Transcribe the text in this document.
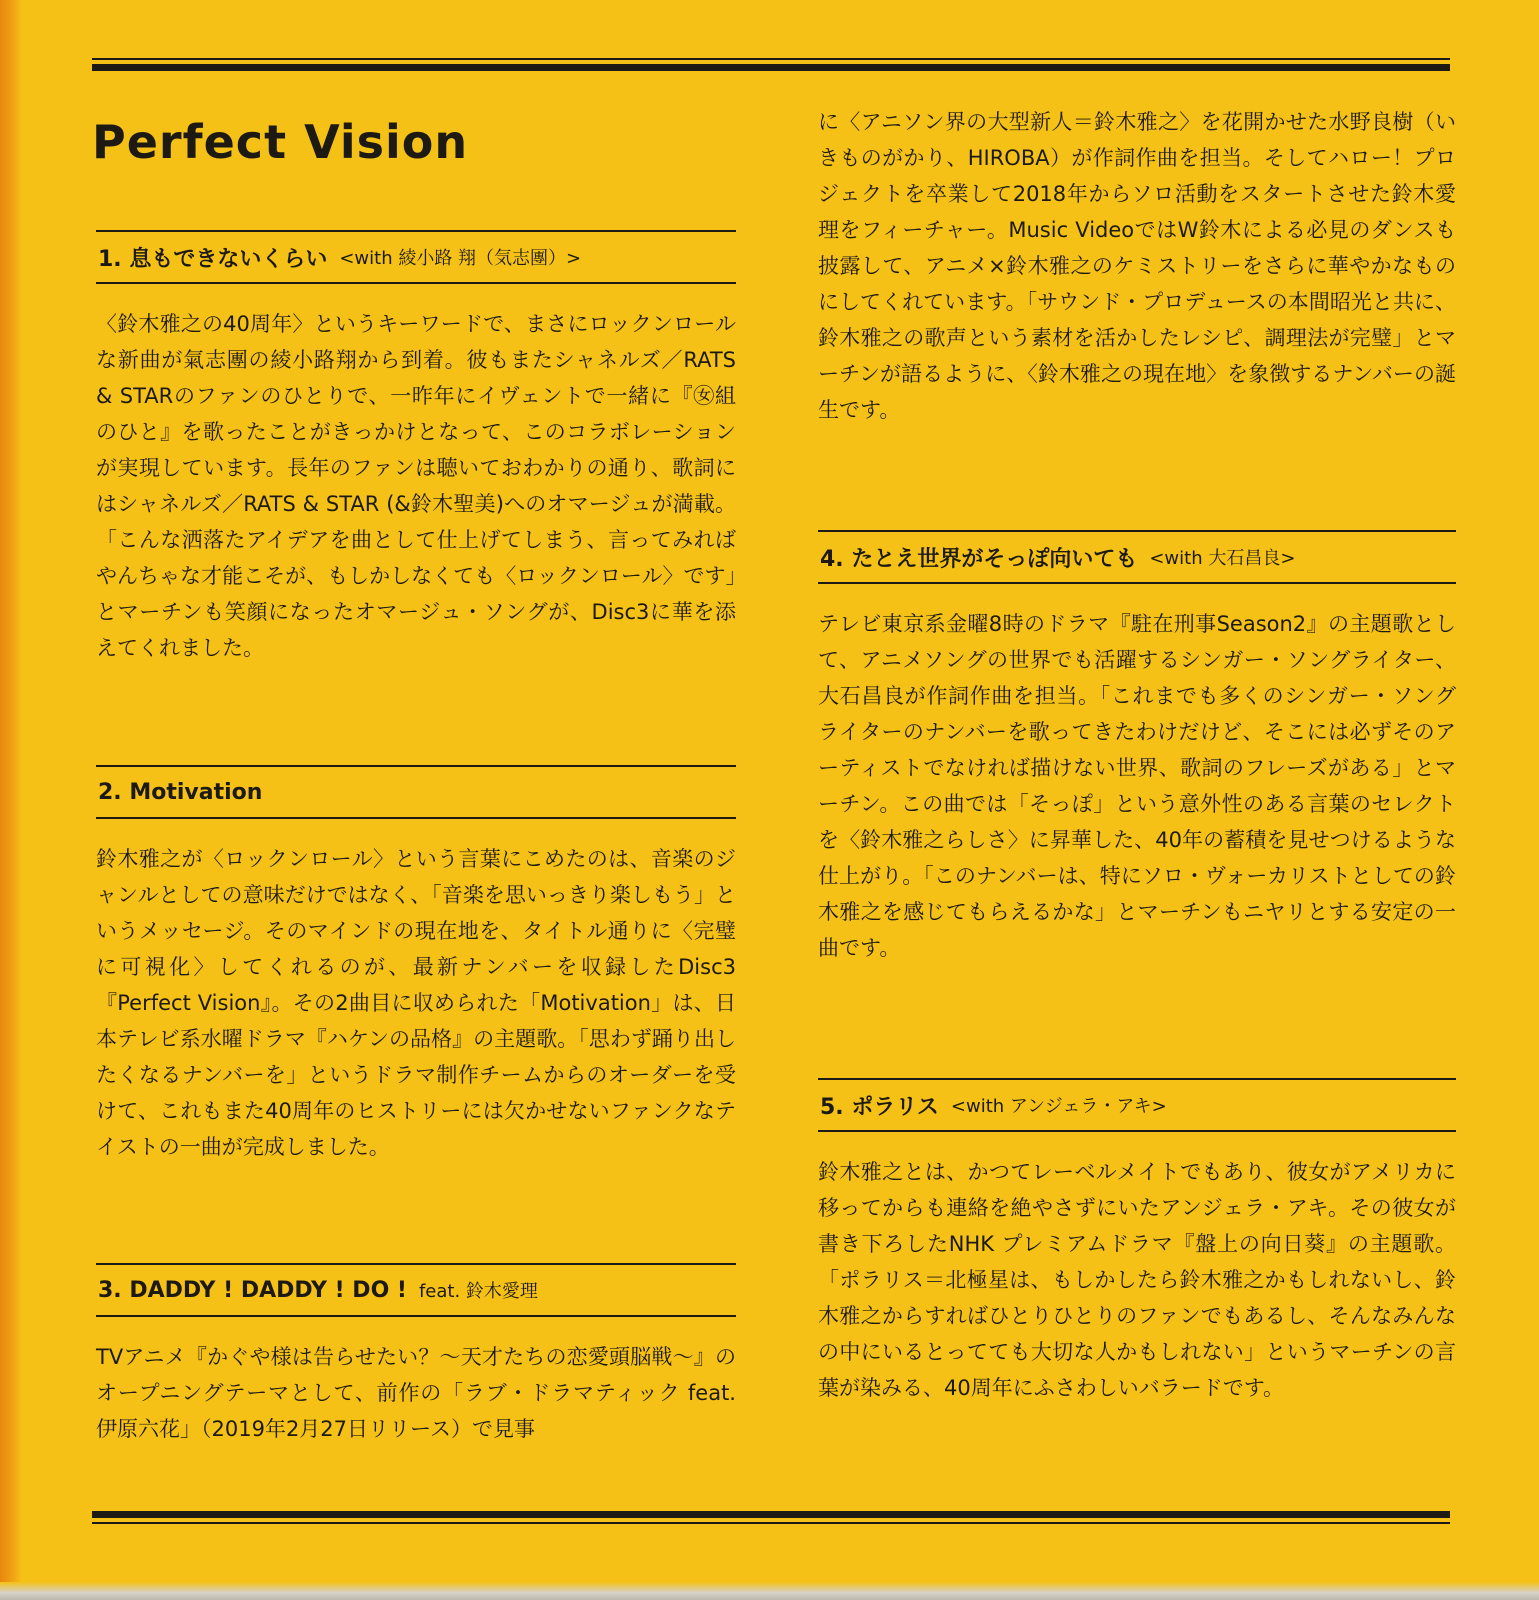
Perfect Vision
1. 息もできないくらい <with 綾小路 翔（気志團）>

〈鈴木雅之の40周年〉というキーワードで、まさにロックンロールな新曲が氣志團の綾小路翔から到着。彼もまたシャネルズ／RATS & STARのファンのひとりで、一昨年にイヴェントで一緒に『㊛組のひと』を歌ったことがきっかけとなって、このコラボレーションが実現しています。長年のファンは聴いておわかりの通り、歌詞にはシャネルズ／RATS & STAR (&鈴木聖美)へのオマージュが満載。「こんな洒落たアイデアを曲として仕上げてしまう、言ってみればやんちゃな才能こそが、もしかしなくても〈ロックンロール〉です」とマーチンも笑顔になったオマージュ・ソングが、Disc3に華を添えてくれました。

2. Motivation

鈴木雅之が〈ロックンロール〉という言葉にこめたのは、音楽のジャンルとしての意味だけではなく、「音楽を思いっきり楽しもう」というメッセージ。そのマインドの現在地を、タイトル通りに〈完璧に可視化〉してくれるのが、最新ナンバーを収録したDisc3『Perfect Vision』。その2曲目に収められた「Motivation」は、日本テレビ系水曜ドラマ『ハケンの品格』の主題歌。「思わず踊り出したくなるナンバーを」というドラマ制作チームからのオーダーを受けて、これもまた40周年のヒストリーには欠かせないファンクなテイストの一曲が完成しました。

3. DADDY ! DADDY ! DO ! feat. 鈴木愛理

TVアニメ『かぐや様は告らせたい？～天才たちの恋愛頭脳戦～』のオープニングテーマとして、前作の「ラブ・ドラマティック feat. 伊原六花」（2019年2月27日リリース）で見事

に〈アニソン界の大型新人＝鈴木雅之〉を花開かせた水野良樹（いきものがかり、HIROBA）が作詞作曲を担当。そしてハロー！プロジェクトを卒業して2018年からソロ活動をスタートさせた鈴木愛理をフィーチャー。Music VideoではW鈴木による必見のダンスも披露して、アニメ×鈴木雅之のケミストリーをさらに華やかなものにしてくれています。「サウンド・プロデュースの本間昭光と共に、鈴木雅之の歌声という素材を活かしたレシピ、調理法が完璧」とマーチンが語るように、〈鈴木雅之の現在地〉を象徴するナンバーの誕生です。

4. たとえ世界がそっぽ向いても <with 大石昌良>

テレビ東京系金曜8時のドラマ『駐在刑事Season2』の主題歌として、アニメソングの世界でも活躍するシンガー・ソングライター、大石昌良が作詞作曲を担当。「これまでも多くのシンガー・ソングライターのナンバーを歌ってきたわけだけど、そこには必ずそのアーティストでなければ描けない世界、歌詞のフレーズがある」とマーチン。この曲では「そっぽ」という意外性のある言葉のセレクトを〈鈴木雅之らしさ〉に昇華した、40年の蓄積を見せつけるような仕上がり。「このナンバーは、特にソロ・ヴォーカリストとしての鈴木雅之を感じてもらえるかな」とマーチンもニヤリとする安定の一曲です。

5. ポラリス <with アンジェラ・アキ>

鈴木雅之とは、かつてレーベルメイトでもあり、彼女がアメリカに移ってからも連絡を絶やさずにいたアンジェラ・アキ。その彼女が書き下ろしたNHK プレミアムドラマ『盤上の向日葵』の主題歌。「ポラリス＝北極星は、もしかしたら鈴木雅之かもしれないし、鈴木雅之からすればひとりひとりのファンでもあるし、そんなみんなの中にいるとってても大切な人かもしれない」というマーチンの言葉が染みる、40周年にふさわしいバラードです。
